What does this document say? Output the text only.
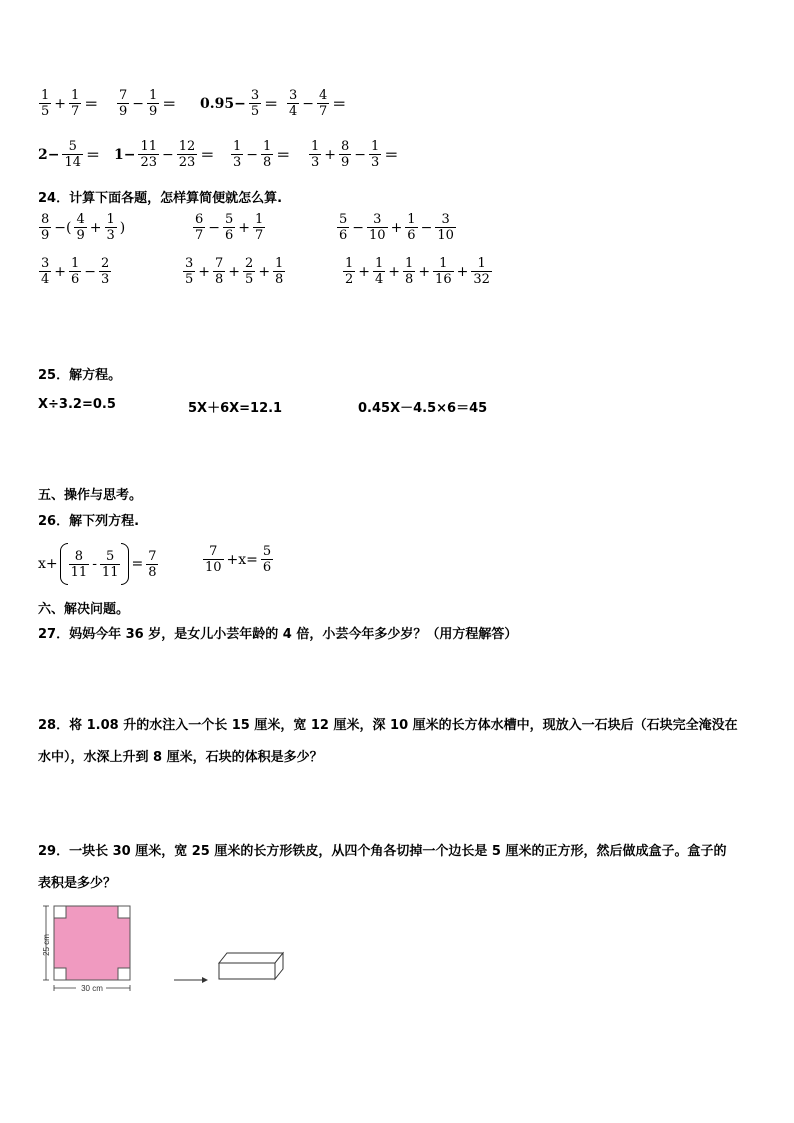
$\frac{1}{5} + \frac{1}{7} = \frac{7}{9} - \frac{1}{9} = 0.95- \frac{3}{5} = \frac{3}{4} - \frac{4}{7}$ ＝
$2- \frac{5}{14} = 1- \frac{11}{23} - \frac{12}{23} = \frac{1}{3} - \frac{1}{8} = \frac{1}{3} + \frac{8}{9} - \frac{1}{3}$ ＝
24．计算下面各题，怎样算简便就怎么算.
$\frac{8}{9}$ −( $\frac{4}{9} + \frac{1}{3}$ )	$\frac{6}{7} - \frac{5}{6} + \frac{1}{7}$	$\frac{5}{6} - \frac{3}{10} + \frac{1}{6} - \frac{3}{10}$
$\frac{3}{4} + \frac{1}{6} - \frac{2}{3}$	$\frac{3}{5} + \frac{7}{8} + \frac{2}{5} + \frac{1}{8}$	$\frac{1}{2} + \frac{1}{4} + \frac{1}{8} + \frac{1}{16} + \frac{1}{32}$
25．解方程。
X÷3.2=0.5	5X＋6X=12.1	0.45X－4.5×6＝45
五、操作与思考。
26．解下列方程.
$x+ \frac{8}{11} - \frac{5}{11} = \frac{7}{8}$	$\frac{7}{10} +x= \frac{5}{6}$
六、解决问题。
27．妈妈今年 36 岁，是女儿小芸年龄的 4 倍，小芸今年多少岁？（用方程解答）
28．将 1.08 升的水注入一个长 15 厘米，宽 12 厘米，深 10 厘米的长方体水槽中，现放入一石块后（石块完全淹没在
水中），水深上升到 8 厘米，石块的体积是多少？
29．一块长 30 厘米，宽 25 厘米的长方形铁皮，从四个角各切掉一个边长是 5 厘米的正方形，然后做成盒子。盒子的
表积是多少？
25 cm
30 cm
